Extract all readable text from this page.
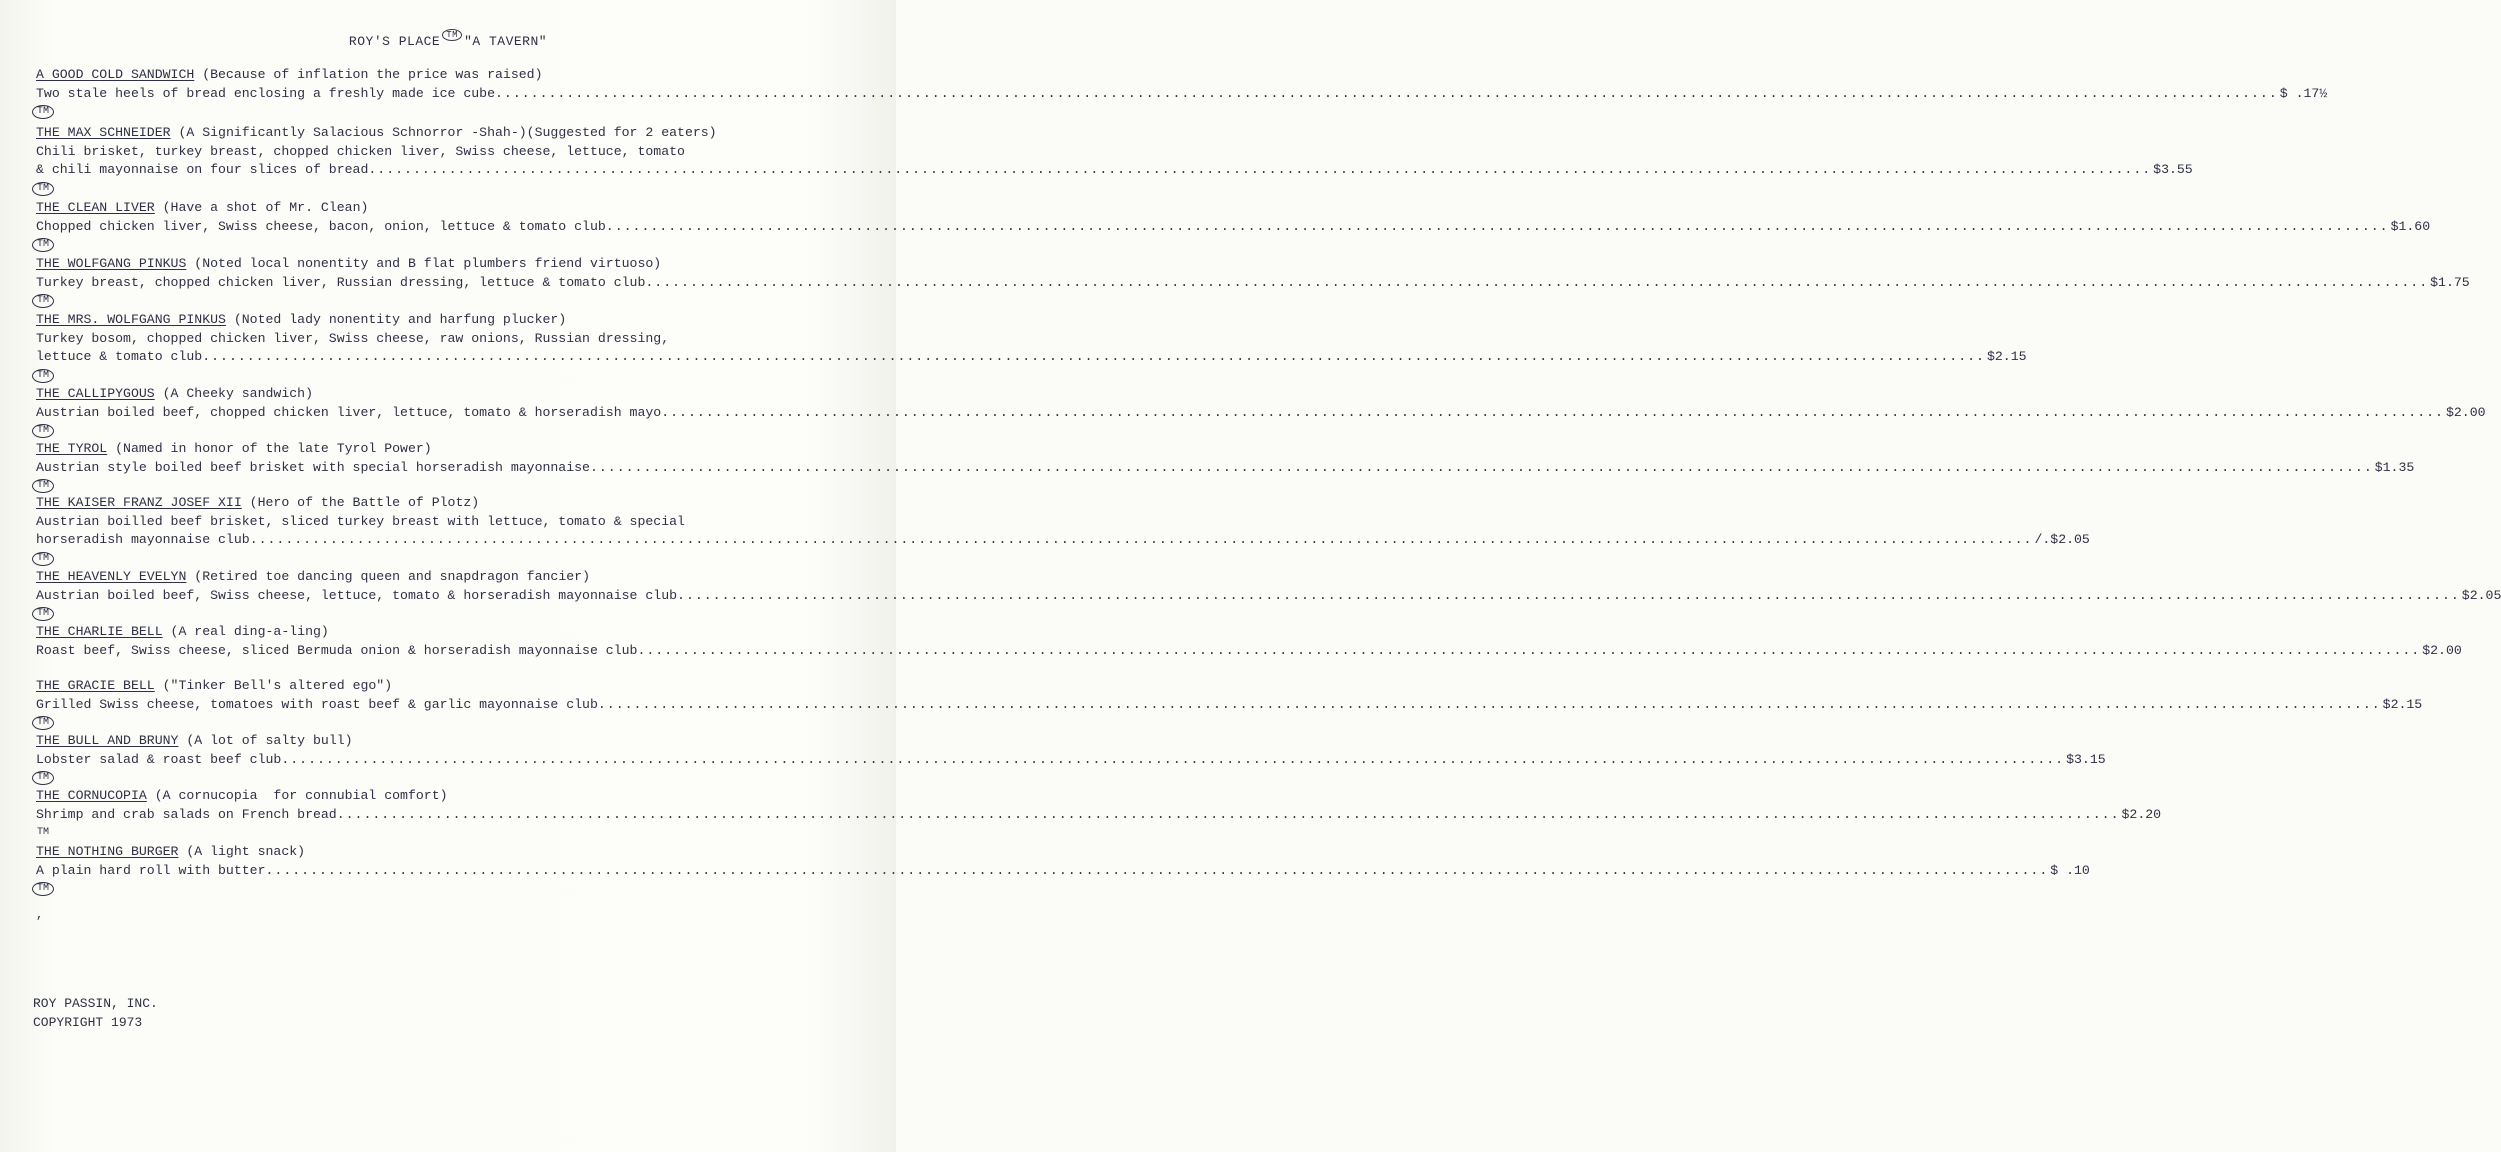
ROY'S PLACE TM "A TAVERN"
A GOOD COLD SANDWICH (Because of inflation the price was raised)
Two stale heels of bread enclosing a freshly made ice cube ........................................................................................................................................................................................................ $ .17½
TM
THE MAX SCHNEIDER (A Significantly Salacious Schnorror -Shah-)(Suggested for 2 eaters)
Chili brisket, turkey breast, chopped chicken liver, Swiss cheese, lettuce, tomato
& chili mayonnaise on four slices of bread ........................................................................................................................................................................................................ $3.55
TM
THE CLEAN LIVER (Have a shot of Mr. Clean)
Chopped chicken liver, Swiss cheese, bacon, onion, lettuce & tomato club ........................................................................................................................................................................................................ $1.60
TM
THE WOLFGANG PINKUS (Noted local nonentity and B flat plumbers friend virtuoso)
Turkey breast, chopped chicken liver, Russian dressing, lettuce & tomato club ........................................................................................................................................................................................................ $1.75
TM
THE MRS. WOLFGANG PINKUS (Noted lady nonentity and harfung plucker)
Turkey bosom, chopped chicken liver, Swiss cheese, raw onions, Russian dressing,
lettuce & tomato club ........................................................................................................................................................................................................ $2.15
TM
THE CALLIPYGOUS (A Cheeky sandwich)
Austrian boiled beef, chopped chicken liver, lettuce, tomato & horseradish mayo ........................................................................................................................................................................................................ $2.00
TM
THE TYROL (Named in honor of the late Tyrol Power)
Austrian style boiled beef brisket with special horseradish mayonnaise ........................................................................................................................................................................................................ $1.35
TM
THE KAISER FRANZ JOSEF XII (Hero of the Battle of Plotz)
Austrian boilled beef brisket, sliced turkey breast with lettuce, tomato & special
horseradish mayonnaise club ........................................................................................................................................................................................................ /.$2.05
TM
THE HEAVENLY EVELYN (Retired toe dancing queen and snapdragon fancier)
Austrian boiled beef, Swiss cheese, lettuce, tomato & horseradish mayonnaise club ........................................................................................................................................................................................................ $2.05
TM
THE CHARLIE BELL (A real ding-a-ling)
Roast beef, Swiss cheese, sliced Bermuda onion & horseradish mayonnaise club ........................................................................................................................................................................................................ $2.00
THE GRACIE BELL ("Tinker Bell's altered ego")
Grilled Swiss cheese, tomatoes with roast beef & garlic mayonnaise club ........................................................................................................................................................................................................ $2.15
TM
THE BULL AND BRUNY (A lot of salty bull)
Lobster salad & roast beef club ........................................................................................................................................................................................................ $3.15
TM
THE CORNUCOPIA (A cornucopia  for connubial comfort)
Shrimp and crab salads on French bread ........................................................................................................................................................................................................ $2.20
TM
THE NOTHING BURGER (A light snack)
A plain hard roll with butter ........................................................................................................................................................................................................ $ .10
TM
,
ROY PASSIN, INC.
COPYRIGHT 1973
